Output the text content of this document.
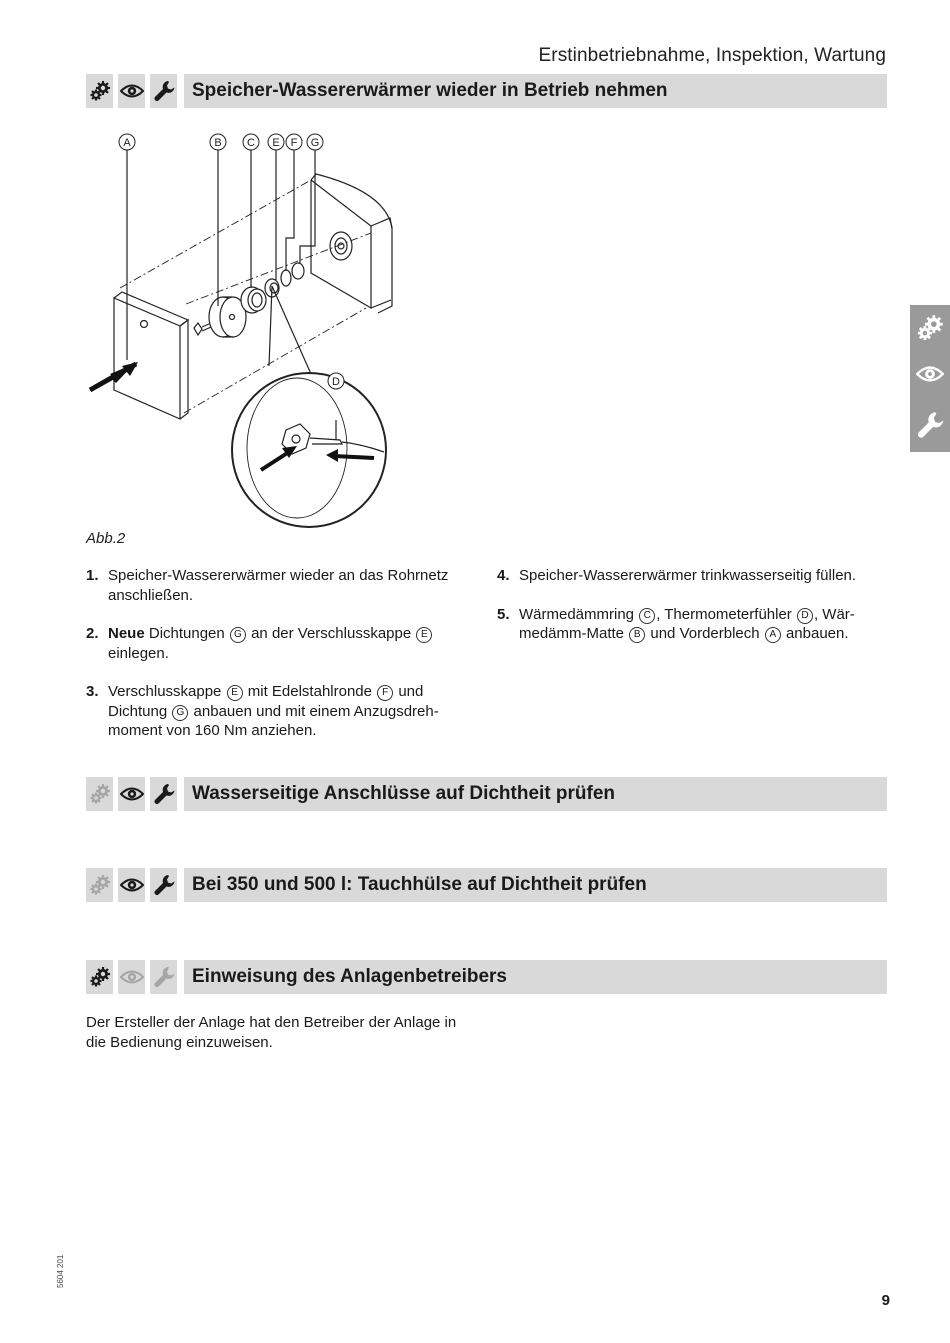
Erstinbetriebnahme, Inspektion, Wartung
Speicher-Wassererwärmer wieder in Betrieb nehmen
A	B C E F G
D
Abb.2
1. Speicher-Wassererwärmer wieder an das Rohrnetz anschließen.
2. Neue Dichtungen G an der Verschlusskappe E einlegen.
3. Verschlusskappe E mit Edelstahlronde F und Dichtung G anbauen und mit einem Anzugsdreh-moment von 160 Nm anziehen.
4. Speicher-Wassererwärmer trinkwasserseitig füllen.
5. Wärmedämmring C , Thermometerfühler D , Wär-medämm-Matte B und Vorderblech A anbauen.
Wasserseitige Anschlüsse auf Dichtheit prüfen
Bei 350 und 500 l: Tauchhülse auf Dichtheit prüfen
Einweisung des Anlagenbetreibers
Der Ersteller der Anlage hat den Betreiber der Anlage in die Bedienung einzuweisen.
5604 201
9
